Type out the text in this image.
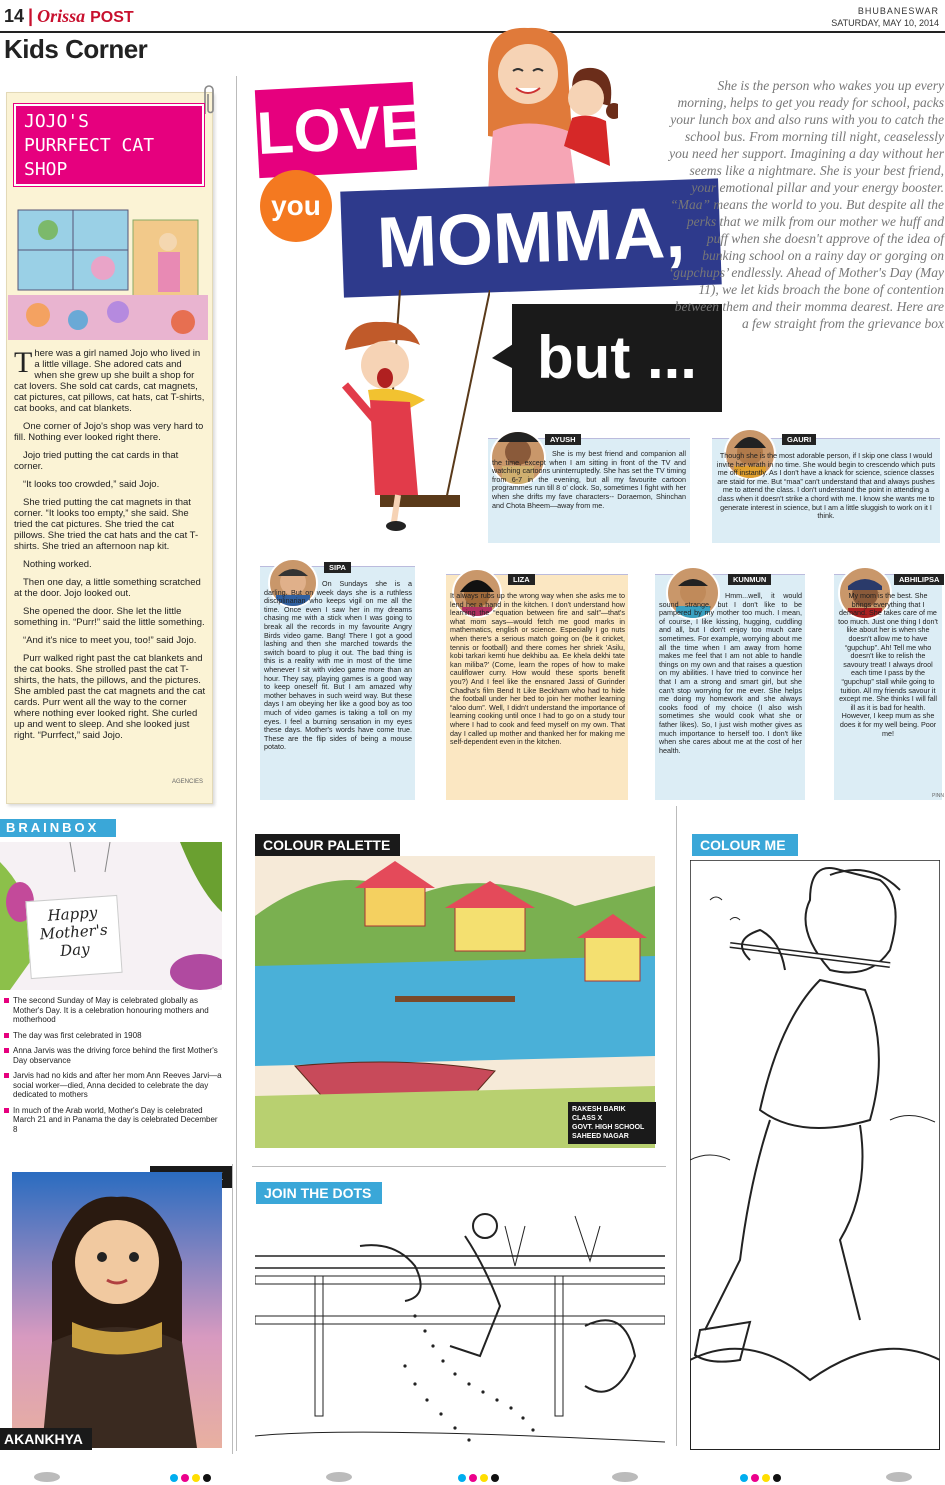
14 | Orissa POST	BHUBANESWAR
SATURDAY, MAY 10, 2014
Kids Corner
JOJO'S
PURRFECT CAT
SHOP

There was a girl named Jojo who lived in a little village. She adored cats and when she grew up she built a shop for cat lovers. She sold cat cards, cat magnets, cat pictures, cat pillows, cat hats, cat T-shirts, cat books, and cat blankets.

One corner of Jojo's shop was very hard to fill. Nothing ever looked right there.

Jojo tried putting the cat cards in that corner.

“It looks too crowded,” said Jojo.

She tried putting the cat magnets in that corner. “It looks too empty,” she said. She tried the cat pictures. She tried the cat pillows. She tried the cat hats and the cat T-shirts. She tried an afternoon nap kit.

Nothing worked.

Then one day, a little something scratched at the door. Jojo looked out.

She opened the door. She let the little something in. “Purr!” said the little something.

“And it's nice to meet you, too!” said Jojo.

Purr walked right past the cat blankets and the cat books. She strolled past the cat T-shirts, the hats, the pillows, and the pictures. She ambled past the cat magnets and the cat cards. Purr went all the way to the corner where nothing ever looked right. She curled up and went to sleep. And she looked just right. “Purrfect,” said Jojo.

AGENCIES
LOVE
you MOMMA,
but ...
She is the person who wakes you up every morning, helps to get you ready for school, packs your lunch box and also runs with you to catch the school bus. From morning till night, ceaselessly you need her support. Imagining a day without her seems like a nightmare. She is your best friend, your emotional pillar and your energy booster. “Maa” means the world to you. But despite all the perks that we milk from our mother we huff and puff when she doesn't approve of the idea of bunking school on a rainy day or gorging on ‘gupchups’ endlessly. Ahead of Mother's Day (May 11), we let kids broach the bone of contention between them and their momma dearest. Here are a few straight from the grievance box
AYUSH
She is my best friend and companion all the time, except when I am sitting in front of the TV and watching cartoons uninterruptedly. She has set the TV timing from 6-7 in the evening, but all my favourite cartoon programmes run till 8 o' clock. So, sometimes I fight with her when she drifts my fave characters-- Doraemon, Shinchan and Chota Bheem—away from me.
GAURI
Though she is the most adorable person, if I skip one class I would invite her wrath in no time. She would begin to crescendo which puts me off instantly. As I don't have a knack for science, science classes are staid for me. But “maa” can't understand that and always pushes me to attend the class. I don't understand the point in attending a class when it doesn't strike a chord with me. I know she wants me to generate interest in science, but I am a little sluggish to work on it I think.
SIPA
On Sundays she is a darling. But on week days she is a ruthless disciplinarian who keeps vigil on me all the time. Once even I saw her in my dreams chasing me with a stick when I was going to break all the records in my favourite Angry Birds video game. Bang! There I got a good lashing and then she marched towards the switch board to plug it out. The bad thing is this is a reality with me in most of the time whenever I sit with video game more than an hour. They say, playing games is a good way to keep oneself fit. But I am amazed why mother behaves in such weird way. But these days I am obeying her like a good boy as too much of video games is taking a toll on my eyes. I feel a burning sensation in my eyes these days. Mother's words have come true. These are the flip sides of being a mouse potato.
LIZA
It always rubs up the wrong way when she asks me to lend her a hand in the kitchen. I don't understand how learning the “equation between fire and salt”—that's what mom says—would fetch me good marks in mathematics, english or science. Especially I go nuts when there's a serious match going on (be it cricket, tennis or football) and there comes her shriek 'Asilu, kobi tarkari kemti hue dekhibu aa. Ee khela dekhi tate kan miliba?' (Come, learn the ropes of how to make cauliflower curry. How would these sports benefit you?) And I feel like the ensnared Jassi of Gurinder Chadha's film Bend It Like Beckham who had to hide the football under her bed to join her mother learning “aloo dum”. Well, I didn't understand the importance of learning cooking until once I had to go on a study tour where I had to cook and feed myself on my own. That day I called up mother and thanked her for making me self-dependent even in the kitchen.
KUNMUN
Hmm...well, it would sound strange, but I don't like to be pampered by my mother too much. I mean, of course, I like kissing, hugging, cuddling and all, but I don't enjoy too much care sometimes. For example, worrying about me all the time when I am away from home makes me feel that I am not able to handle things on my own and that raises a question on my abilities. I have tried to convince her that I am a strong and smart girl, but she can't stop worrying for me ever. She helps me doing my homework and she always cooks food of my choice (I also wish sometimes she would cook what she or father likes). So, I just wish mother gives as much importance to herself too. I don't like when she cares about me at the cost of her health.
ABHILIPSA
My mom is the best. She brings everything that I demand. She takes care of me too much. Just one thing I don't like about her is when she doesn't allow me to have “gupchup”. Ah! Tell me who doesn't like to relish the savoury treat! I always drool each time I pass by the “gupchup” stall while going to tuition. All my friends savour it except me. She thinks I will fall ill as it is bad for health. However, I keep mum as she does it for my well being. Poor me!
PINN
BRAINBOX
Happy
Mother's
Day
The second Sunday of May is celebrated globally as Mother's Day. It is a celebration honouring mothers and motherhood
The day was first celebrated in 1908
Anna Jarvis was the driving force behind the first Mother's Day observance
Jarvis had no kids and after her mom Ann Reeves Jarvi—a social worker—died, Anna decided to celebrate the day dedicated to mothers
In much of the Arab world, Mother's Day is celebrated March 21 and in Panama the day is celebrated December 8
AKANKHYA
COLOUR PALETTE
RAKESH BARIK
CLASS X
GOVT. HIGH SCHOOL
SAHEED NAGAR
JOIN THE DOTS
COLOUR ME
